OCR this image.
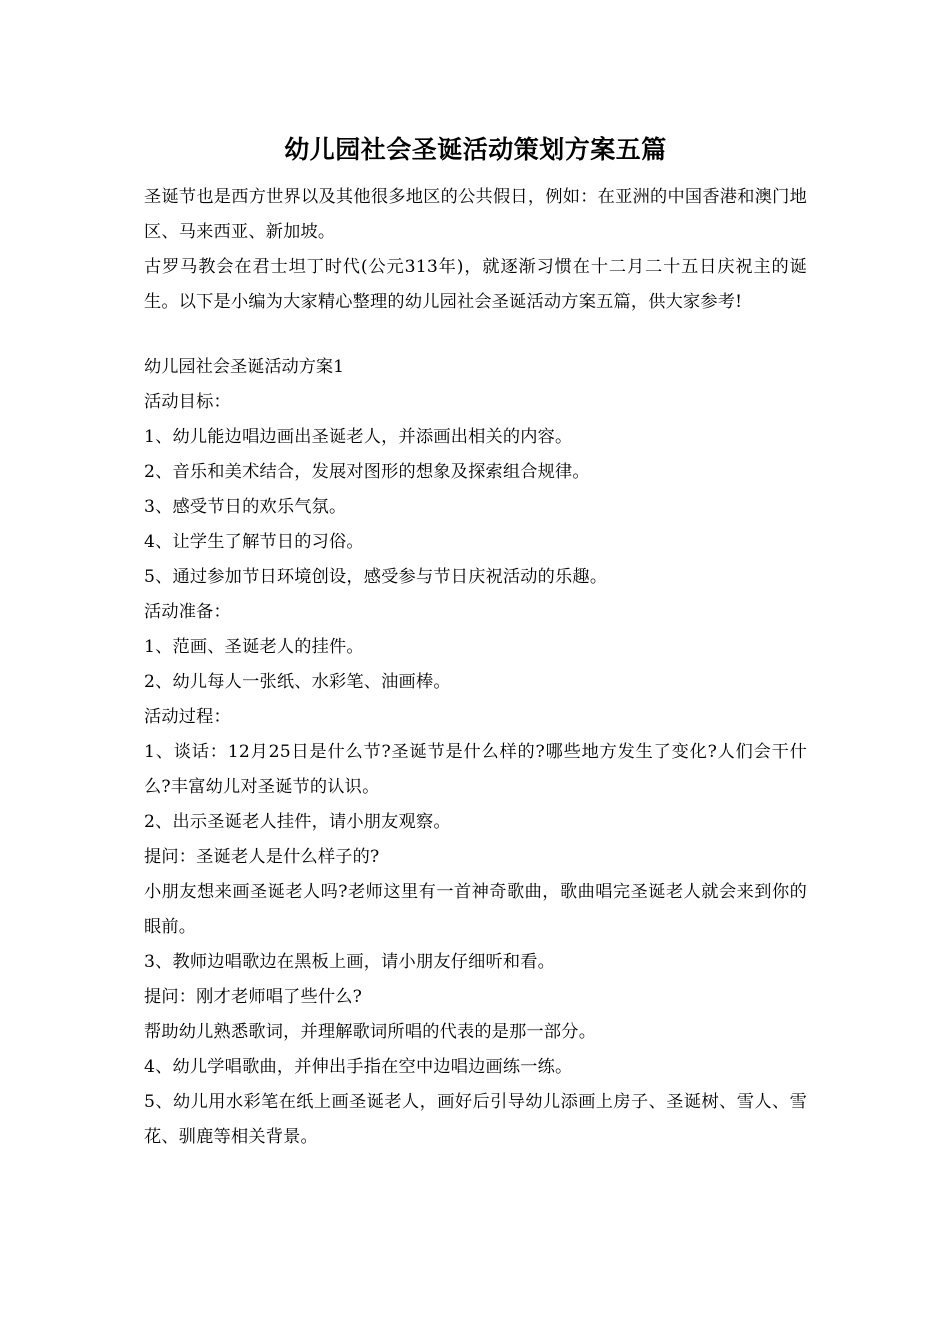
幼儿园社会圣诞活动策划方案五篇

圣诞节也是西方世界以及其他很多地区的公共假日，例如：在亚洲的中国香港和澳门地区、马来西亚、新加坡。

古罗马教会在君士坦丁时代(公元313年)，就逐渐习惯在十二月二十五日庆祝主的诞生。以下是小编为大家精心整理的幼儿园社会圣诞活动方案五篇，供大家参考!

幼儿园社会圣诞活动方案1

活动目标：

1、幼儿能边唱边画出圣诞老人，并添画出相关的内容。

2、音乐和美术结合，发展对图形的想象及探索组合规律。

3、感受节日的欢乐气氛。

4、让学生了解节日的习俗。

5、通过参加节日环境创设，感受参与节日庆祝活动的乐趣。

活动准备：

1、范画、圣诞老人的挂件。

2、幼儿每人一张纸、水彩笔、油画棒。

活动过程：

1、谈话：12月25日是什么节?圣诞节是什么样的?哪些地方发生了变化?人们会干什么?丰富幼儿对圣诞节的认识。

2、出示圣诞老人挂件，请小朋友观察。

提问：圣诞老人是什么样子的?

小朋友想来画圣诞老人吗?老师这里有一首神奇歌曲，歌曲唱完圣诞老人就会来到你的眼前。

3、教师边唱歌边在黑板上画，请小朋友仔细听和看。

提问：刚才老师唱了些什么?

帮助幼儿熟悉歌词，并理解歌词所唱的代表的是那一部分。

4、幼儿学唱歌曲，并伸出手指在空中边唱边画练一练。

5、幼儿用水彩笔在纸上画圣诞老人，画好后引导幼儿添画上房子、圣诞树、雪人、雪花、驯鹿等相关背景。
